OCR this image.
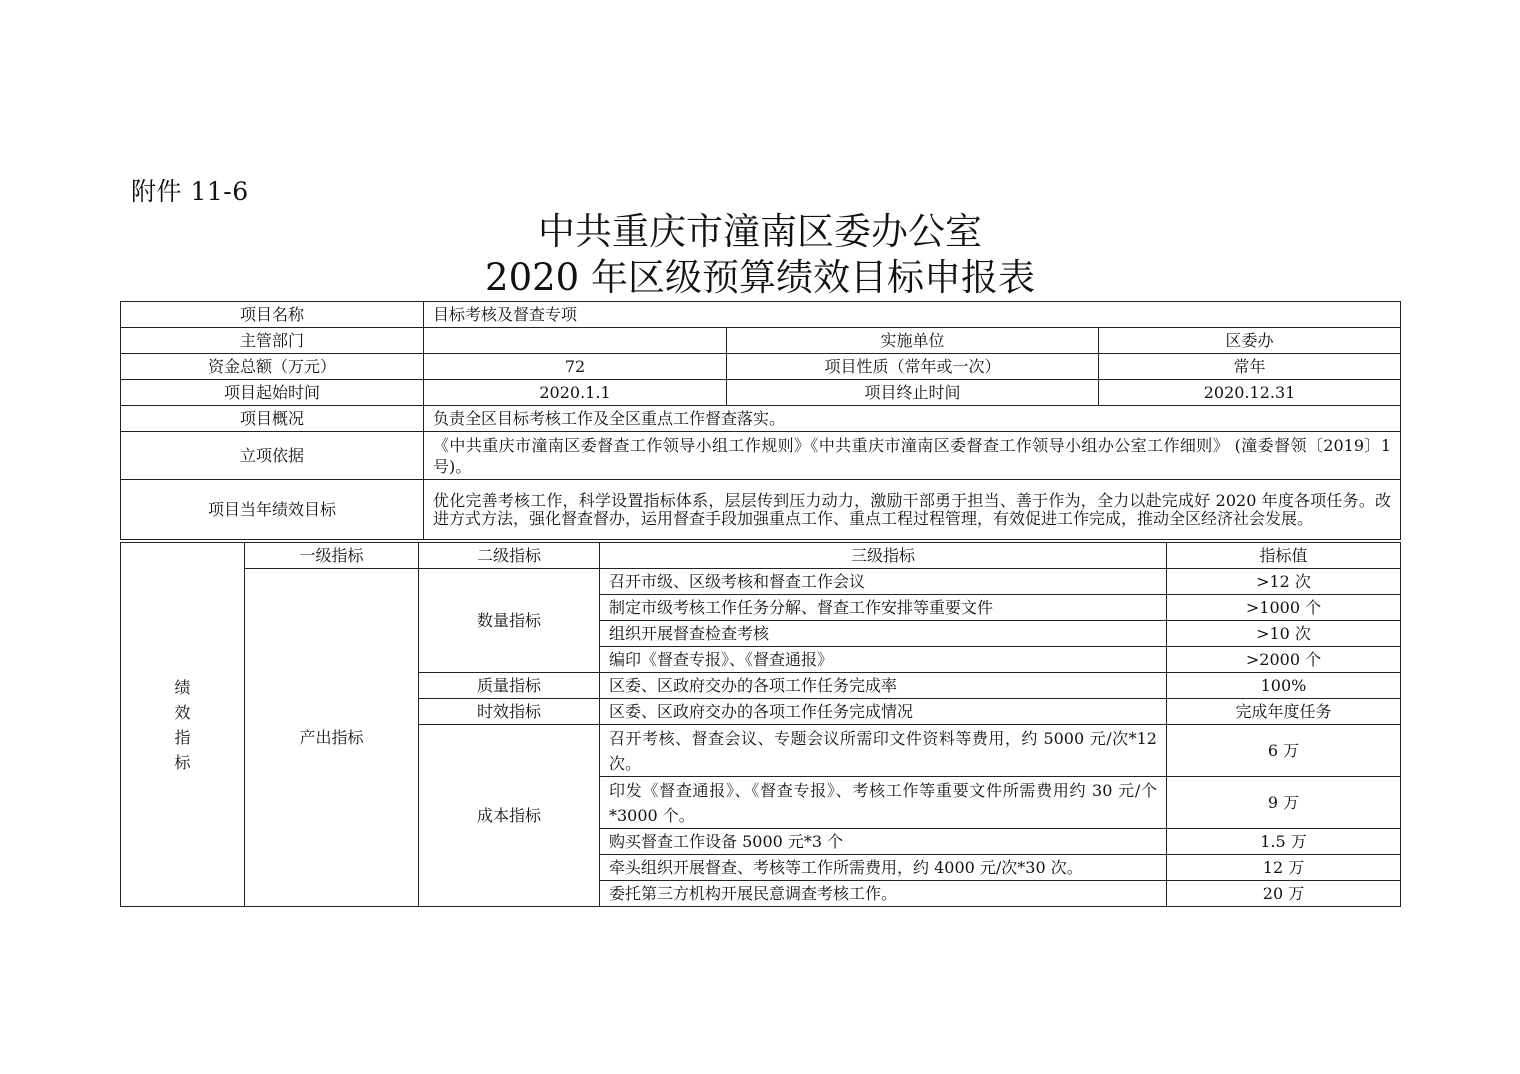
附件 11-6
中共重庆市潼南区委办公室
2020 年区级预算绩效目标申报表
项目名称	目标考核及督查专项		
主管部门		实施单位	区委办
资金总额（万元）	72	项目性质（常年或一次）	常年
项目起始时间	2020.1.1	项目终止时间	2020.12.31
项目概况	负责全区目标考核工作及全区重点工作督查落实。		
立项依据	《中共重庆市潼南区委督查工作领导小组工作规则》《中共重庆市潼南区委督查工作领导小组办公室工作细则》 (潼委督领〔2019〕1 号)。		
项目当年绩效目标	优化完善考核工作，科学设置指标体系，层层传到压力动力，激励干部勇于担当、善于作为，全力以赴完成好 2020 年度各项任务。改进方式方法，强化督查督办，运用督查手段加强重点工作、重点工程过程管理，有效促进工作完成，推动全区经济社会发展。		
绩
效
指
标	一级指标	二级指标	三级指标	指标值
	产出指标	数量指标	召开市级、区级考核和督查工作会议	>12 次
			制定市级考核工作任务分解、督查工作安排等重要文件	>1000 个
			组织开展督查检查考核	>10 次
			编印《督查专报》、《督查通报》	>2000 个
		质量指标	区委、区政府交办的各项工作任务完成率	100%
		时效指标	区委、区政府交办的各项工作任务完成情况	完成年度任务
		成本指标	召开考核、督查会议、专题会议所需印文件资料等费用，约 5000 元/次*12 次。	6 万
			印发《督查通报》、《督查专报》、考核工作等重要文件所需费用约 30 元/个*3000 个。	9 万
			购买督查工作设备 5000 元*3 个	1.5 万
			牵头组织开展督查、考核等工作所需费用，约 4000 元/次*30 次。	12 万
			委托第三方机构开展民意调查考核工作。	20 万
